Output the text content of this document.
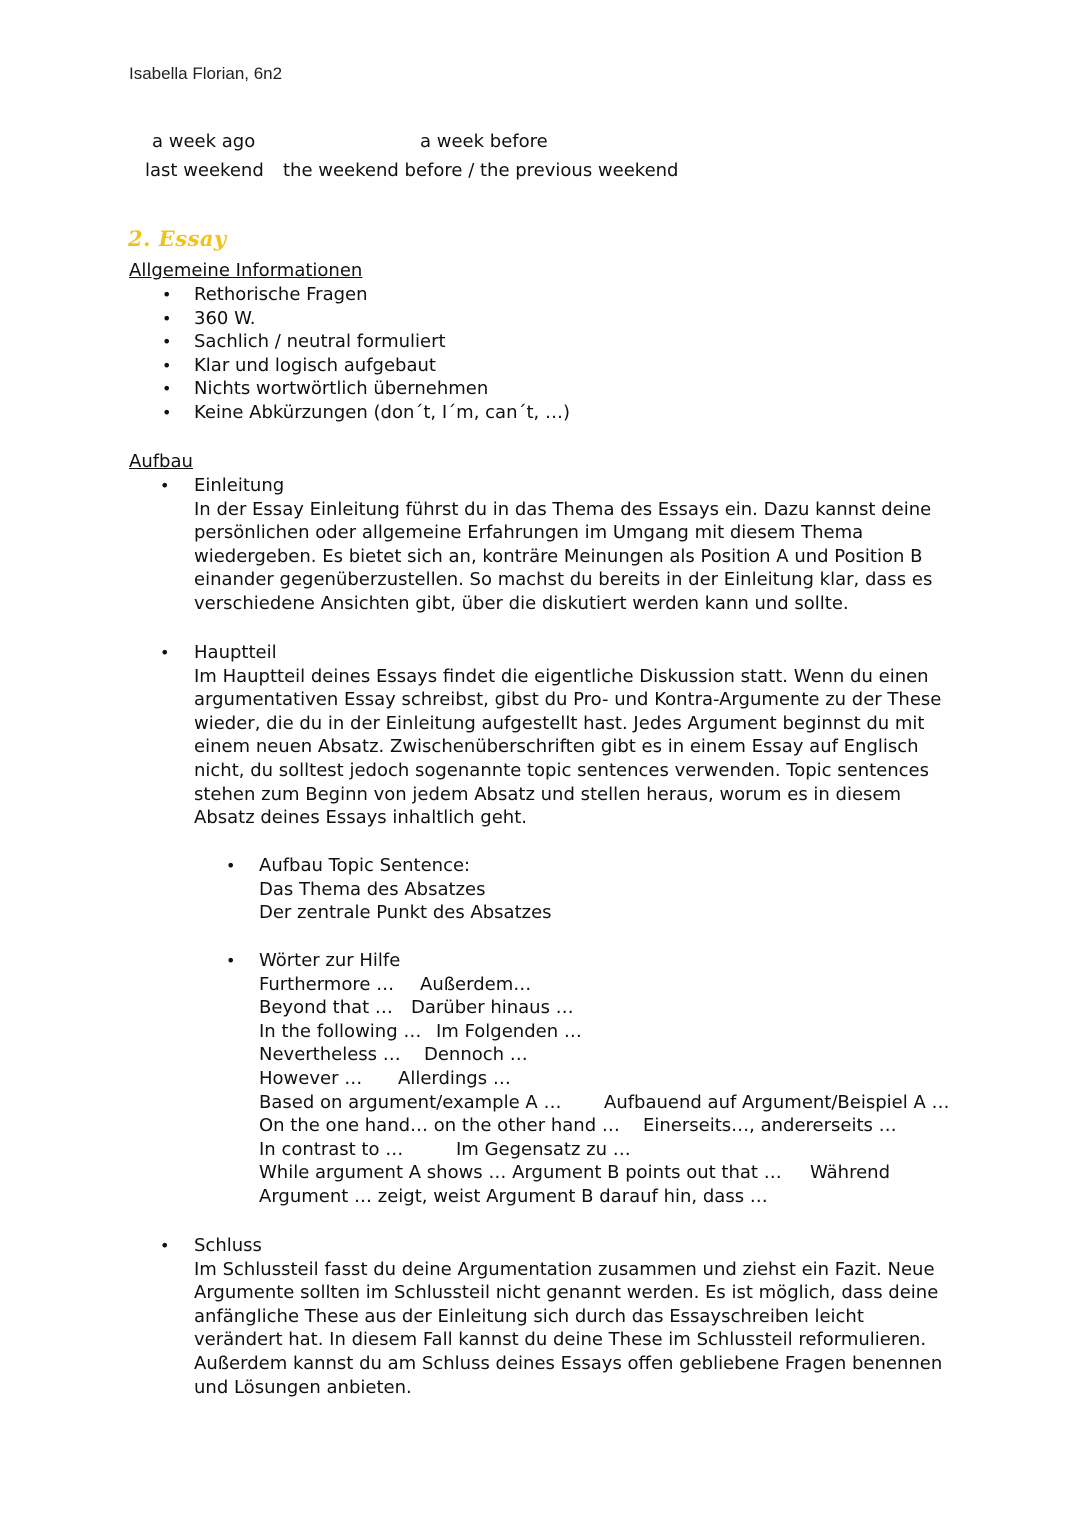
Isabella Florian, 6n2
a week ago	a week before
last weekend the weekend before / the previous weekend
2. Essay
Allgemeine Informationen
• Rethorische Fragen
• 360 W.
• Sachlich / neutral formuliert
• Klar und logisch aufgebaut
• Nichts wortwörtlich übernehmen
• Keine Abkürzungen (don´t, I´m, can´t, …)
Aufbau
• Einleitung
In der Essay Einleitung führst du in das Thema des Essays ein. Dazu kannst deine persönlichen oder allgemeine Erfahrungen im Umgang mit diesem Thema wiedergeben. Es bietet sich an, konträre Meinungen als Position A und Position B einander gegenüberzustellen. So machst du bereits in der Einleitung klar, dass es verschiedene Ansichten gibt, über die diskutiert werden kann und sollte.
• Hauptteil
Im Hauptteil deines Essays findet die eigentliche Diskussion statt. Wenn du einen argumentativen Essay schreibst, gibst du Pro- und Kontra-Argumente zu der These wieder, die du in der Einleitung aufgestellt hast. Jedes Argument beginnst du mit einem neuen Absatz. Zwischenüberschriften gibt es in einem Essay auf Englisch nicht, du solltest jedoch sogenannte topic sentences verwenden. Topic sentences stehen zum Beginn von jedem Absatz und stellen heraus, worum es in diesem Absatz deines Essays inhaltlich geht.
• Aufbau Topic Sentence:
Das Thema des Absatzes
Der zentrale Punkt des Absatzes
• Wörter zur Hilfe
Furthermore …	Außerdem…
Beyond that …	Darüber hinaus …
In the following … Im Folgenden …
Nevertheless …	Dennoch …
However …	Allerdings …
Based on argument/example A …	Aufbauend auf Argument/Beispiel A …
On the one hand… on the other hand …	Einerseits…, andererseits …
In contrast to …	Im Gegensatz zu …
While argument A shows … Argument B points out that …	Während
Argument … zeigt, weist Argument B darauf hin, dass …
• Schluss
Im Schlussteil fasst du deine Argumentation zusammen und ziehst ein Fazit. Neue Argumente sollten im Schlussteil nicht genannt werden. Es ist möglich, dass deine anfängliche These aus der Einleitung sich durch das Essayschreiben leicht verändert hat. In diesem Fall kannst du deine These im Schlussteil reformulieren. Außerdem kannst du am Schluss deines Essays offen gebliebene Fragen benennen und Lösungen anbieten.
